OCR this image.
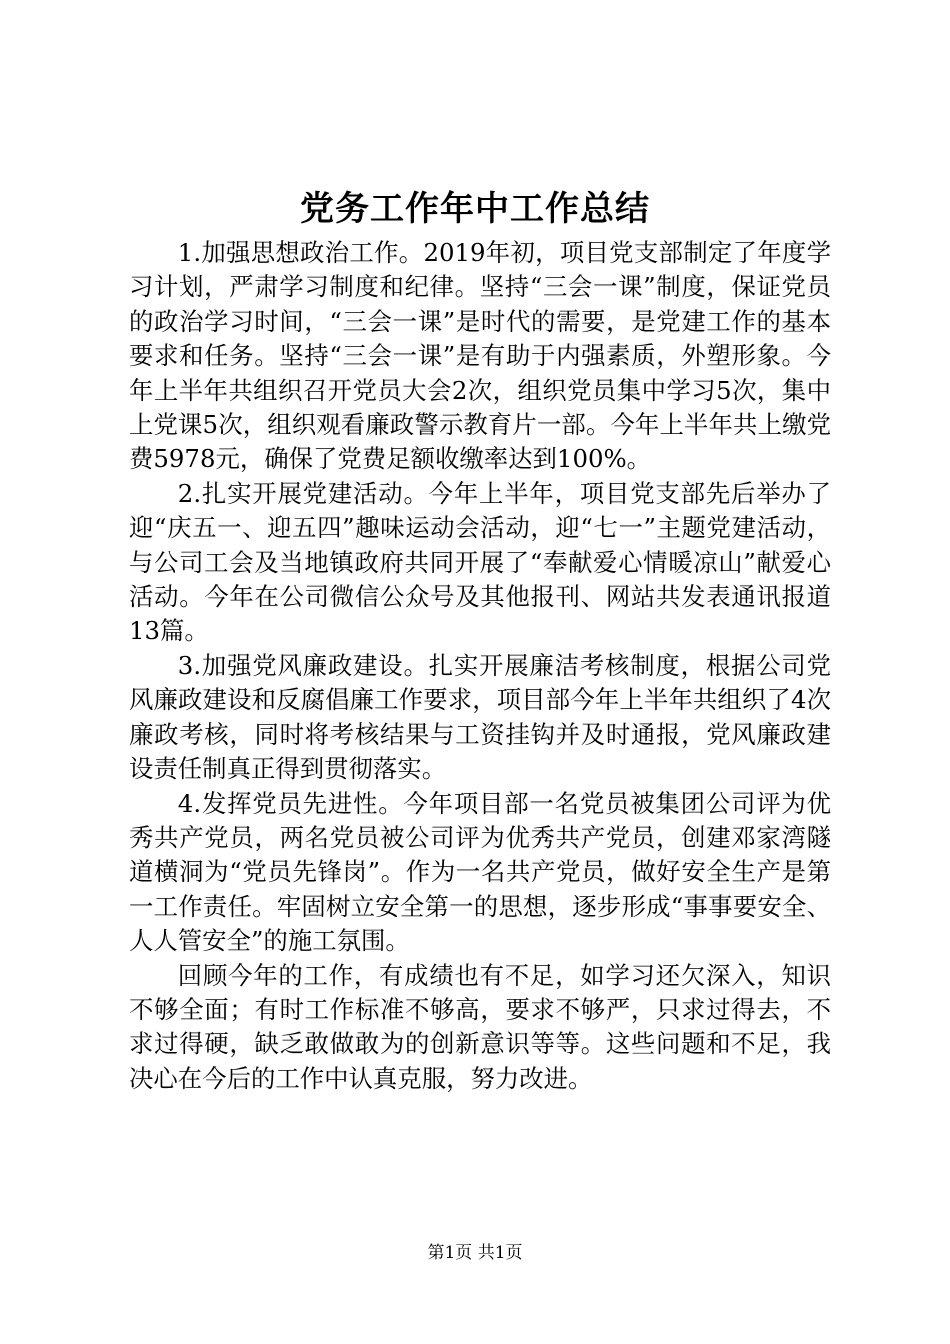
党务工作年中工作总结

1.加强思想政治工作。2019年初，项目党支部制定了年度学习计划，严肃学习制度和纪律。坚持“三会一课”制度，保证党员的政治学习时间，“三会一课”是时代的需要，是党建工作的基本要求和任务。坚持“三会一课”是有助于内强素质，外塑形象。今年上半年共组织召开党员大会2次，组织党员集中学习5次，集中上党课5次，组织观看廉政警示教育片一部。今年上半年共上缴党费5978元，确保了党费足额收缴率达到100%。

2.扎实开展党建活动。今年上半年，项目党支部先后举办了迎“庆五一、迎五四”趣味运动会活动，迎“七一”主题党建活动，与公司工会及当地镇政府共同开展了“奉献爱心情暖凉山”献爱心活动。今年在公司微信公众号及其他报刊、网站共发表通讯报道13篇。

3.加强党风廉政建设。扎实开展廉洁考核制度，根据公司党风廉政建设和反腐倡廉工作要求，项目部今年上半年共组织了4次廉政考核，同时将考核结果与工资挂钩并及时通报，党风廉政建设责任制真正得到贯彻落实。

4.发挥党员先进性。今年项目部一名党员被集团公司评为优秀共产党员，两名党员被公司评为优秀共产党员，创建邓家湾隧道横洞为“党员先锋岗”。作为一名共产党员，做好安全生产是第一工作责任。牢固树立安全第一的思想，逐步形成“事事要安全、人人管安全”的施工氛围。

回顾今年的工作，有成绩也有不足，如学习还欠深入，知识不够全面；有时工作标准不够高，要求不够严，只求过得去，不求过得硬，缺乏敢做敢为的创新意识等等。这些问题和不足，我决心在今后的工作中认真克服，努力改进。

第1页 共1页
